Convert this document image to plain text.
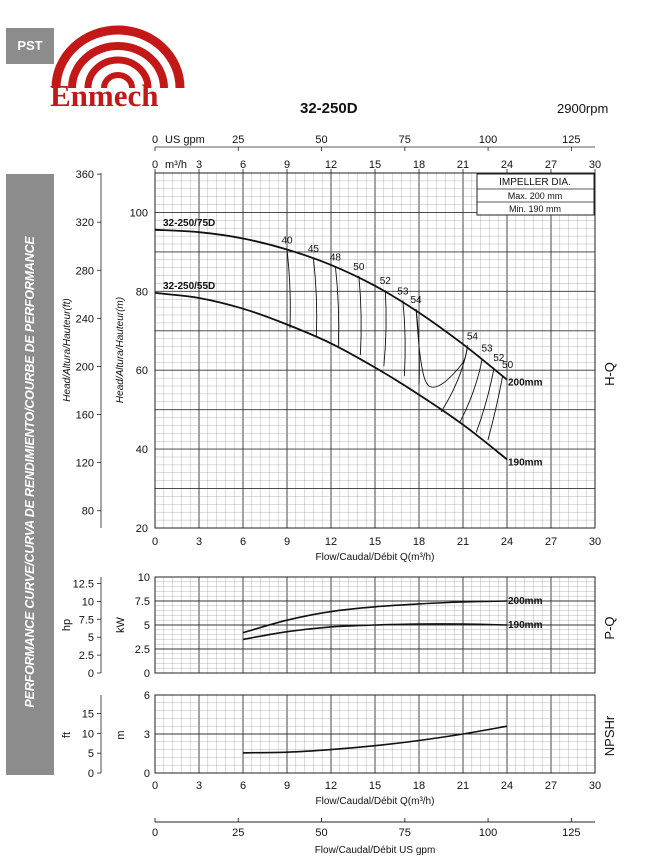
PST
Enmech	32-250D	2900rpm
PERFORMANCE CURVE/CURVA DE RENDIMIENTO/COURBE DE PERFORMANCE
25	50	75	100	125
0 US gpm
3	6	9	12	15	18	21	24	27	30
0 m³/h
20
40
60
80
100
Head/Altura/Hauteur(m)
80
120
160
200
240
280
320
360
Head/Altura/Hauteur(ft)
0	3	6	9	12	15	18	21	24	27	30
Flow/Caudal/Débit Q(m³/h)
H-Q
32-250/75D
32-250/55D
200mm
190mm
40
45
48
50
52
53
54
54
53
52
50
IMPELLER DIA.
Max. 200 mm
Min. 190 mm
0
2.5
5
7.5
10
kW
0
2.5
5
7.5
10
12.5
hp	P-Q
200mm
190mm
0
3
6
m
0
5
10
15
ft	NPSHr
0	3	6	9	12	15	18	21	24	27	30
Flow/Caudal/Débit Q(m³/h)
0	25	50	75	100	125
Flow/Caudal/Débit US gpm
